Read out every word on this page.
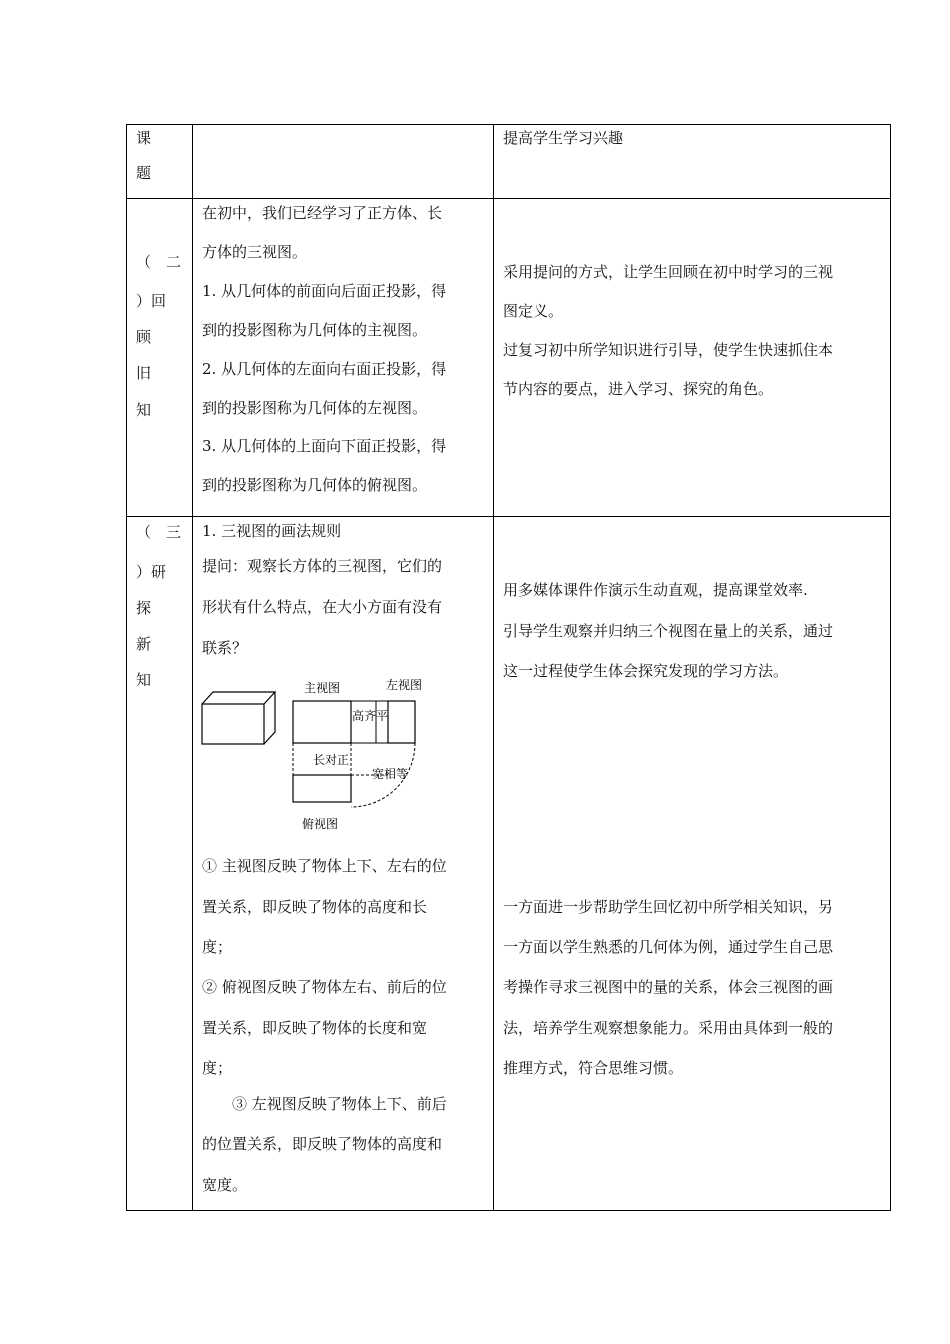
课
题
提高学生学习兴趣
（　二
）回
顾
旧
知
在初中，我们已经学习了正方体、长
方体的三视图。
1. 从几何体的前面向后面正投影，得
到的投影图称为几何体的主视图。
2. 从几何体的左面向右面正投影，得
到的投影图称为几何体的左视图。
3. 从几何体的上面向下面正投影，得
到的投影图称为几何体的俯视图。
采用提问的方式，让学生回顾在初中时学习的三视
图定义。
过复习初中所学知识进行引导，使学生快速抓住本
节内容的要点，进入学习、探究的角色。
（　三
）研
探
新
知
1. 三视图的画法规则
提问：观察长方体的三视图，它们的
形状有什么特点，在大小方面有没有
联系？
主视图	左视图
高齐平
长对正
宽相等
俯视图
① 主视图反映了物体上下、左右的位
置关系，即反映了物体的高度和长
度；
② 俯视图反映了物体左右、前后的位
置关系，即反映了物体的长度和宽
度；
　　③ 左视图反映了物体上下、前后
的位置关系，即反映了物体的高度和
宽度。
用多媒体课件作演示生动直观，提高课堂效率.
引导学生观察并归纳三个视图在量上的关系，通过
这一过程使学生体会探究发现的学习方法。
一方面进一步帮助学生回忆初中所学相关知识，另
一方面以学生熟悉的几何体为例，通过学生自己思
考操作寻求三视图中的量的关系，体会三视图的画
法，培养学生观察想象能力。采用由具体到一般的
推理方式，符合思维习惯。
